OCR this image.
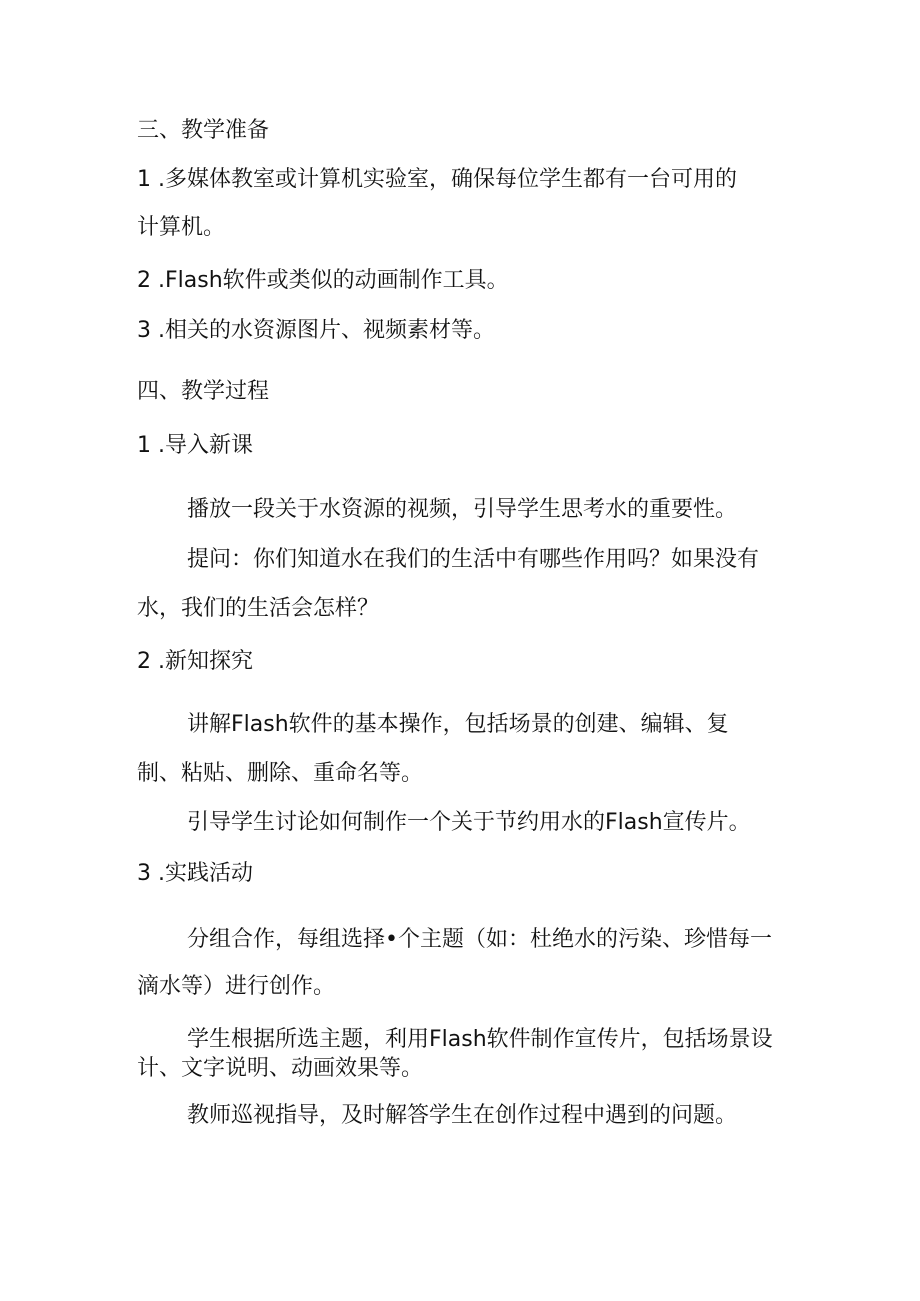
三、教学准备
1 .多媒体教室或计算机实验室，确保每位学生都有一台可用的
计算机。
2 .Flash软件或类似的动画制作工具。
3 .相关的水资源图片、视频素材等。
四、教学过程
1 .导入新课
播放一段关于水资源的视频，引导学生思考水的重要性。
提问：你们知道水在我们的生活中有哪些作用吗？如果没有
水，我们的生活会怎样？
2 .新知探究
讲解Flash软件的基本操作，包括场景的创建、编辑、复
制、粘贴、删除、重命名等。
引导学生讨论如何制作一个关于节约用水的Flash宣传片。
3 .实践活动
分组合作，每组选择•个主题（如：杜绝水的污染、珍惜每一
滴水等）进行创作。
学生根据所选主题，利用Flash软件制作宣传片，包括场景设
计、文字说明、动画效果等。
教师巡视指导，及时解答学生在创作过程中遇到的问题。
